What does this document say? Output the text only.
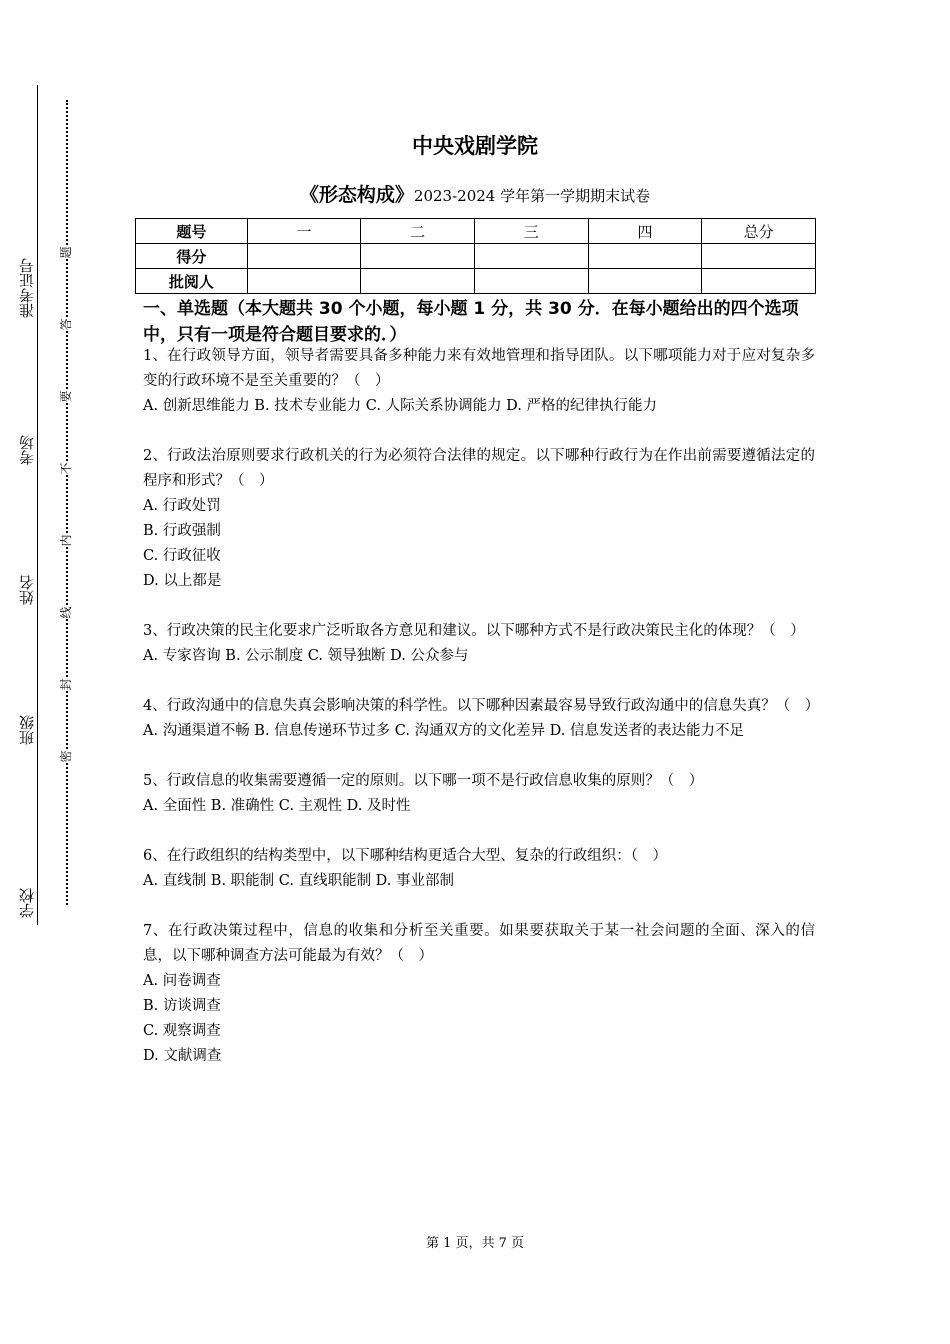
准考证号
考场
姓名
班级
学校
题
答
要
不
内
线
封
密
中央戏剧学院
《形态构成》2023-2024 学年第一学期期末试卷
题号	一	二	三	四	总分
得分					
批阅人					
一、单选题（本大题共 30 个小题，每小题 1 分，共 30 分．在每小题给出的四个选项中，只有一项是符合题目要求的．）

1、在行政领导方面，领导者需要具备多种能力来有效地管理和指导团队。以下哪项能力对于应对复杂多变的行政环境不是至关重要的？（　）

A. 创新思维能力 B. 技术专业能力 C. 人际关系协调能力 D. 严格的纪律执行能力

2、行政法治原则要求行政机关的行为必须符合法律的规定。以下哪种行政行为在作出前需要遵循法定的程序和形式？（　）

A. 行政处罚

B. 行政强制

C. 行政征收

D. 以上都是

3、行政决策的民主化要求广泛听取各方意见和建议。以下哪种方式不是行政决策民主化的体现？（　）

A. 专家咨询 B. 公示制度 C. 领导独断 D. 公众参与

4、行政沟通中的信息失真会影响决策的科学性。以下哪种因素最容易导致行政沟通中的信息失真？（　）

A. 沟通渠道不畅 B. 信息传递环节过多 C. 沟通双方的文化差异 D. 信息发送者的表达能力不足

5、行政信息的收集需要遵循一定的原则。以下哪一项不是行政信息收集的原则？（　）

A. 全面性 B. 准确性 C. 主观性 D. 及时性

6、在行政组织的结构类型中，以下哪种结构更适合大型、复杂的行政组织：（　）

A. 直线制 B. 职能制 C. 直线职能制 D. 事业部制

7、在行政决策过程中，信息的收集和分析至关重要。如果要获取关于某一社会问题的全面、深入的信息，以下哪种调查方法可能最为有效？（　）

A. 问卷调查

B. 访谈调查

C. 观察调查

D. 文献调查

第 1 页，共 7 页
